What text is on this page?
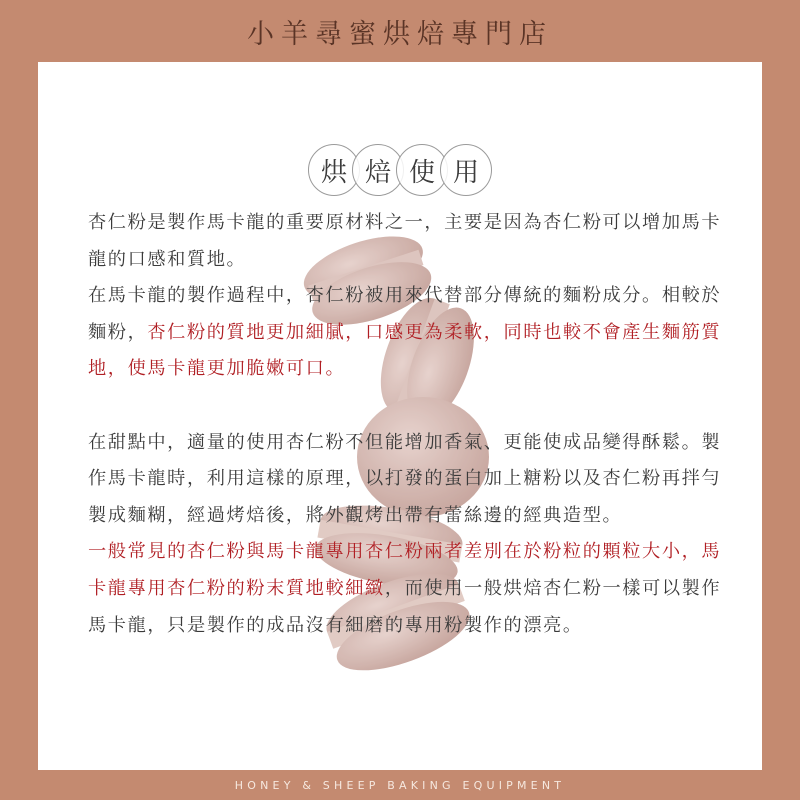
小羊尋蜜烘焙專門店
烘 焙 使 用

杏仁粉是製作馬卡龍的重要原材料之一，主要是因為杏仁粉可以增加馬卡龍的口感和質地。
在馬卡龍的製作過程中，杏仁粉被用來代替部分傳統的麵粉成分。相較於麵粉，杏仁粉的質地更加細膩，口感更為柔軟，同時也較不會產生麵筋質地，使馬卡龍更加脆嫩可口。

在甜點中，適量的使用杏仁粉不但能增加香氣、更能使成品變得酥鬆。製作馬卡龍時，利用這樣的原理，以打發的蛋白加上糖粉以及杏仁粉再拌勻製成麵糊，經過烤焙後，將外觀烤出帶有蕾絲邊的經典造型。
一般常見的杏仁粉與馬卡龍專用杏仁粉兩者差別在於粉粒的顆粒大小，馬卡龍專用杏仁粉的粉末質地較細緻，而使用一般烘焙杏仁粉一樣可以製作馬卡龍，只是製作的成品沒有細磨的專用粉製作的漂亮。

HONEY & SHEEP BAKING EQUIPMENT
